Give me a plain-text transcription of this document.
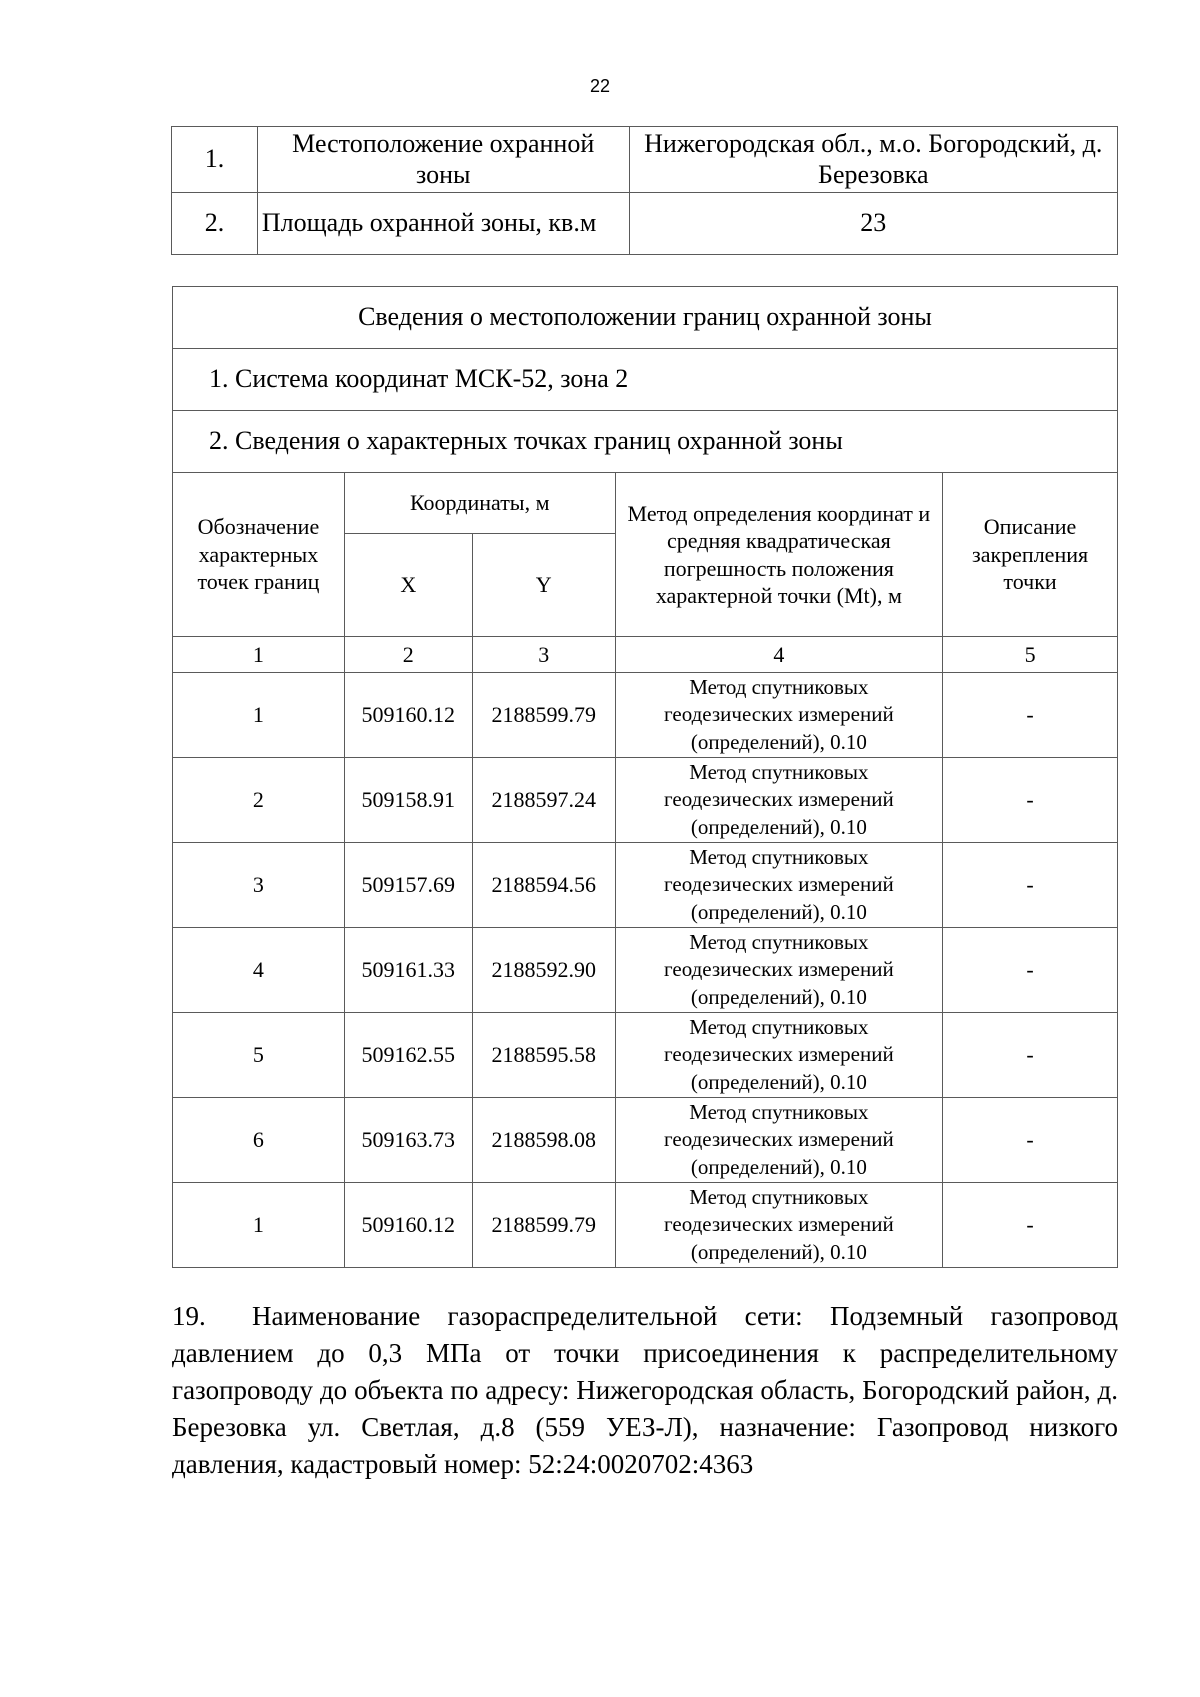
22
1.	Местоположение охранной зоны	Нижегородская обл., м.о. Богородский, д. Березовка
2.	Площадь охранной зоны, кв.м	23
Сведения о местоположении границ охранной зоны				
1. Система координат МСК-52, зона 2				
2. Сведения о характерных точках границ охранной зоны				
Обозначение характерных точек границ	Координаты, м		Метод определения координат и средняя квадратическая погрешность положения характерной точки (Mt), м	Описание закрепления точки
	X	Y		
1	2	3	4	5
1	509160.12	2188599.79	Метод спутниковых геодезических измерений (определений), 0.10	-
2	509158.91	2188597.24	Метод спутниковых геодезических измерений (определений), 0.10	-
3	509157.69	2188594.56	Метод спутниковых геодезических измерений (определений), 0.10	-
4	509161.33	2188592.90	Метод спутниковых геодезических измерений (определений), 0.10	-
5	509162.55	2188595.58	Метод спутниковых геодезических измерений (определений), 0.10	-
6	509163.73	2188598.08	Метод спутниковых геодезических измерений (определений), 0.10	-
1	509160.12	2188599.79	Метод спутниковых геодезических измерений (определений), 0.10	-
19. Наименование газораспределительной сети: Подземный газопровод давлением до 0,3 МПа от точки присоединения к распределительному газопроводу до объекта по адресу: Нижегородская область, Богородский район, д. Березовка ул. Светлая, д.8 (559 УЕЗ-Л), назначение: Газопровод низкого давления, кадастровый номер: 52:24:0020702:4363
